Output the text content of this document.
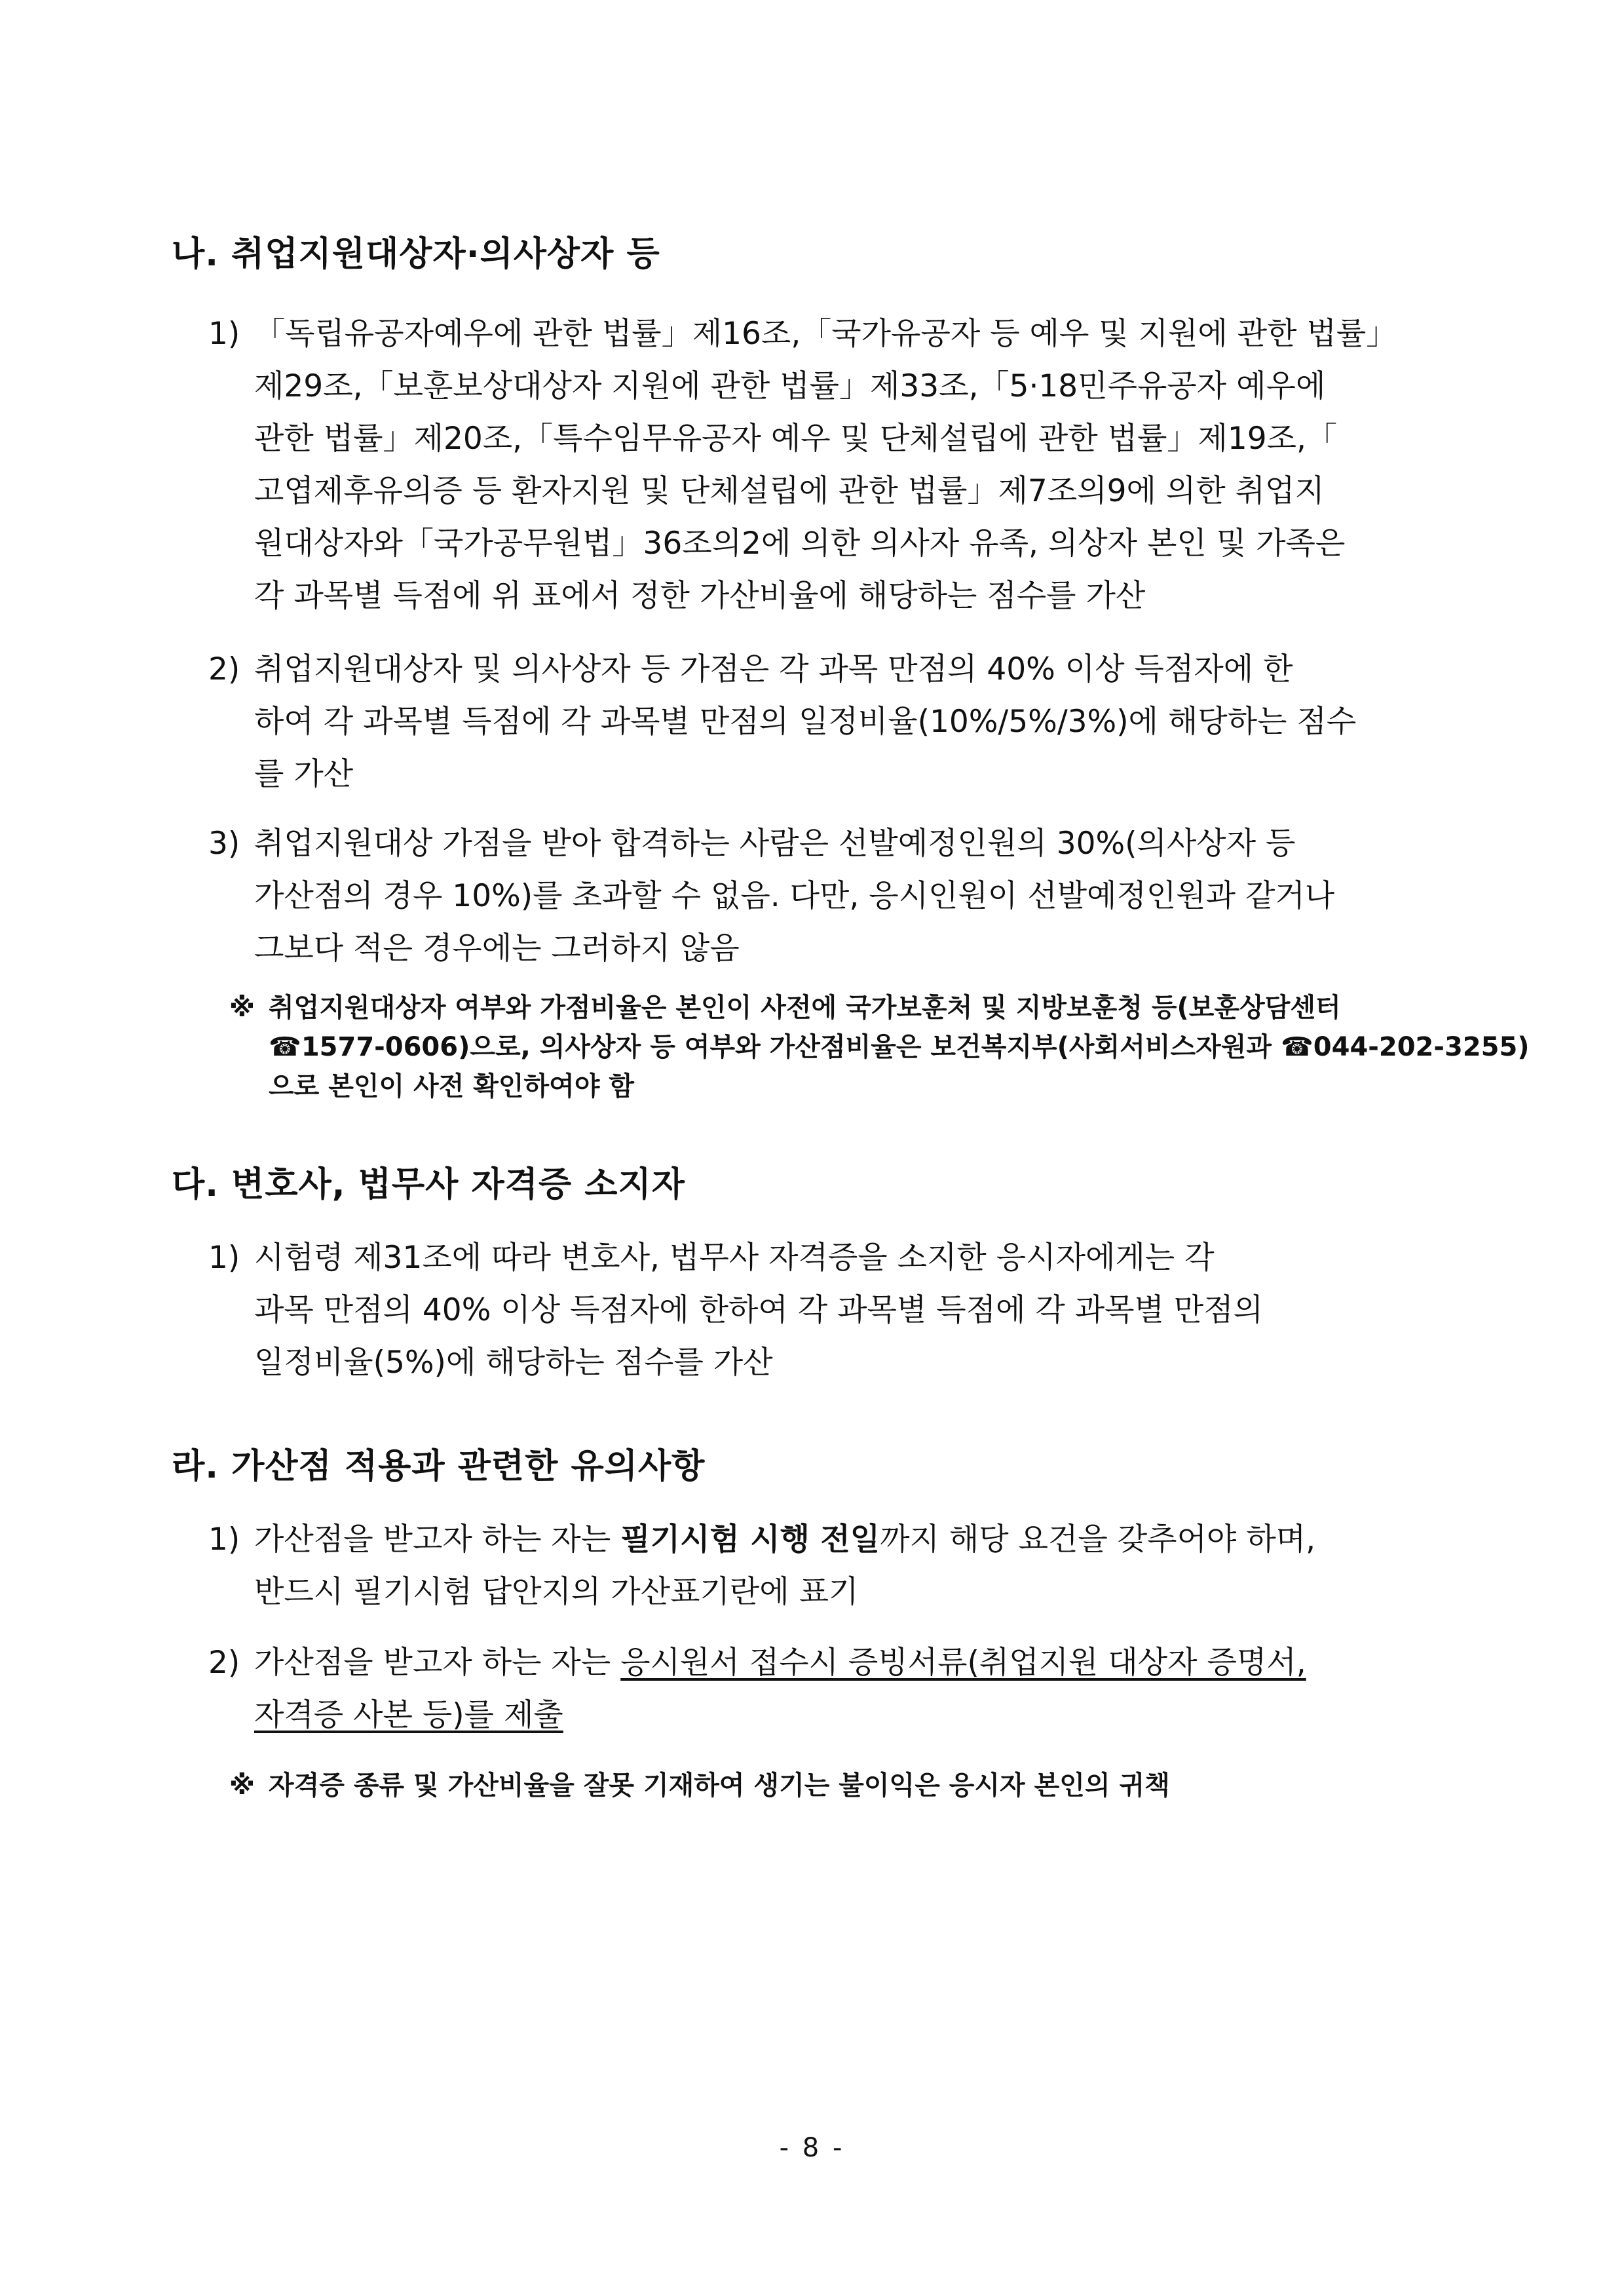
나. 취업지원대상자·의사상자 등
1) 「독립유공자예우에 관한 법률」제16조,「국가유공자 등 예우 및 지원에 관한 법률」
제29조,「보훈보상대상자 지원에 관한 법률」제33조,「5·18민주유공자 예우에
관한 법률」제20조,「특수임무유공자 예우 및 단체설립에 관한 법률」제19조,「
고엽제후유의증 등 환자지원 및 단체설립에 관한 법률」제7조의9에 의한 취업지
원대상자와「국가공무원법」36조의2에 의한 의사자 유족, 의상자 본인 및 가족은
각 과목별 득점에 위 표에서 정한 가산비율에 해당하는 점수를 가산
2) 취업지원대상자 및 의사상자 등 가점은 각 과목 만점의 40% 이상 득점자에 한
하여 각 과목별 득점에 각 과목별 만점의 일정비율(10%/5%/3%)에 해당하는 점수
를 가산
3) 취업지원대상 가점을 받아 합격하는 사람은 선발예정인원의 30%(의사상자 등
가산점의 경우 10%)를 초과할 수 없음. 다만, 응시인원이 선발예정인원과 같거나
그보다 적은 경우에는 그러하지 않음
※ 취업지원대상자 여부와 가점비율은 본인이 사전에 국가보훈처 및 지방보훈청 등(보훈상담센터
☎1577-0606)으로, 의사상자 등 여부와 가산점비율은 보건복지부(사회서비스자원과 ☎044-202-3255)
으로 본인이 사전 확인하여야 함
다. 변호사, 법무사 자격증 소지자
1) 시험령 제31조에 따라 변호사, 법무사 자격증을 소지한 응시자에게는 각
과목 만점의 40% 이상 득점자에 한하여 각 과목별 득점에 각 과목별 만점의
일정비율(5%)에 해당하는 점수를 가산
라. 가산점 적용과 관련한 유의사항
1) 가산점을 받고자 하는 자는 필기시험 시행 전일까지 해당 요건을 갖추어야 하며,
반드시 필기시험 답안지의 가산표기란에 표기
2) 가산점을 받고자 하는 자는 응시원서 접수시 증빙서류(취업지원 대상자 증명서,
자격증 사본 등)를 제출
※ 자격증 종류 및 가산비율을 잘못 기재하여 생기는 불이익은 응시자 본인의 귀책
- 8 -
